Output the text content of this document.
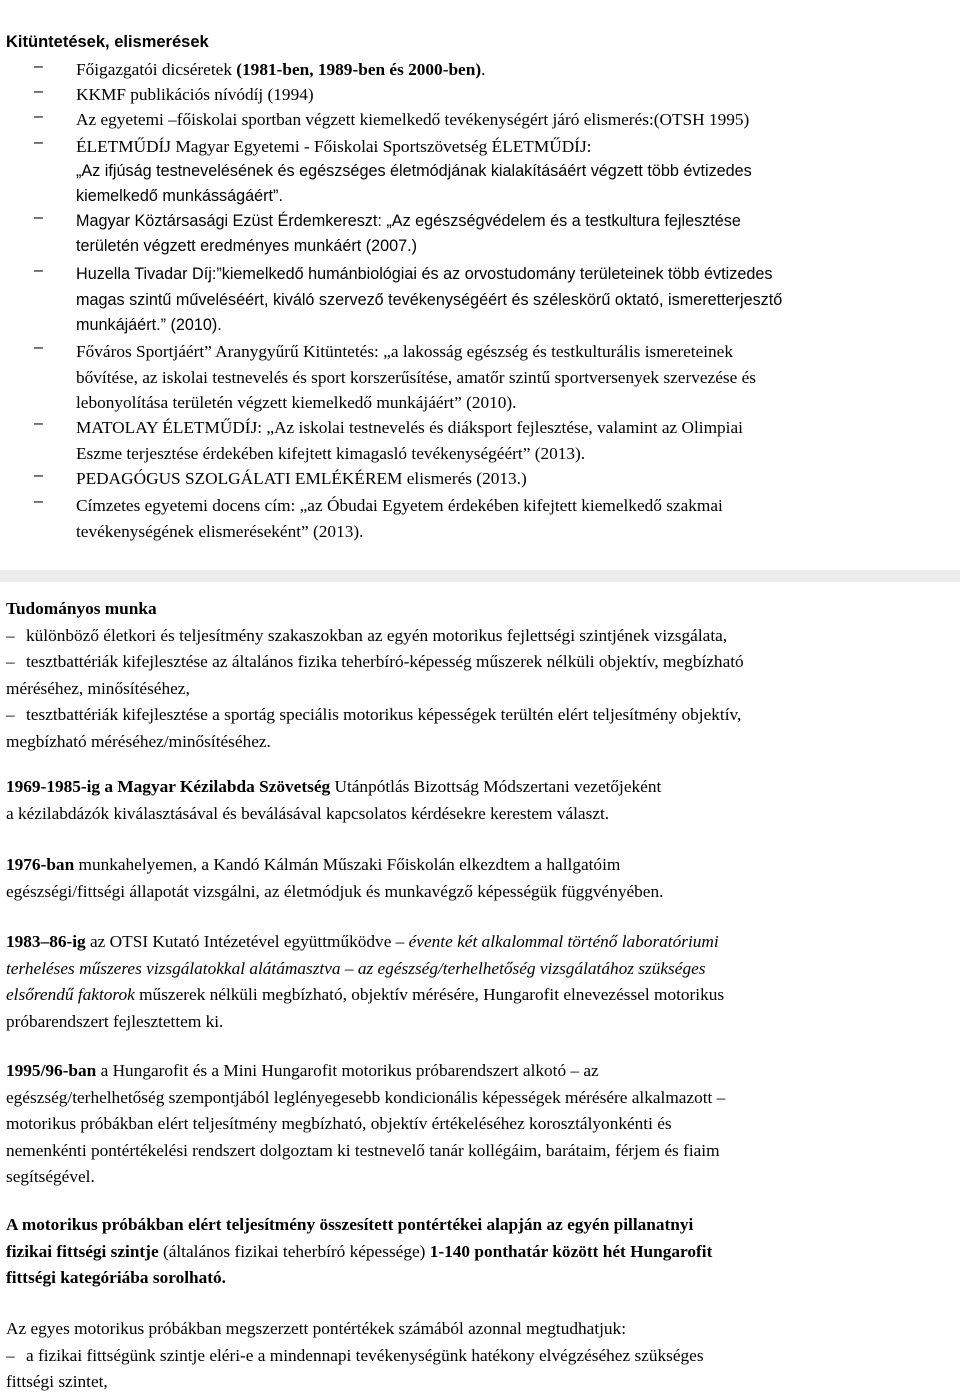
Kitüntetések, elismerések
–	Főigazgatói dicséretek (1981-ben, 1989-ben és 2000-ben).
–	KKMF publikációs nívódíj (1994)
–	Az egyetemi –főiskolai sportban végzett kiemelkedő tevékenységért járó elismerés:(OTSH 1995)
–	ÉLETMŰDÍJ Magyar Egyetemi - Főiskolai Sportszövetség ÉLETMŰDÍJ:
„Az ifjúság testnevelésének és egészséges életmódjának kialakításáért végzett több évtizedes
kiemelkedő munkásságáért”.
–	Magyar Köztársasági Ezüst Érdemkereszt: „Az egészségvédelem és a testkultura fejlesztése
területén végzett eredményes munkáért (2007.)
–	Huzella Tivadar Díj:”kiemelkedő humánbiológiai és az orvostudomány területeinek több évtizedes
magas szintű műveléséért, kiváló szervező tevékenységéért és széleskörű oktató, ismeretterjesztő
munkájáért.” (2010).
–	Főváros Sportjáért” Aranygyűrű Kitüntetés: „a lakosság egészség és testkulturális ismereteinek
bővítése, az iskolai testnevelés és sport korszerűsítése, amatőr szintű sportversenyek szervezése és
lebonyolítása területén végzett kiemelkedő munkájáért” (2010).
–	MATOLAY ÉLETMŰDÍJ: „Az iskolai testnevelés és diáksport fejlesztése, valamint az Olimpiai
Eszme terjesztése érdekében kifejtett kimagasló tevékenységéért” (2013).
–	PEDAGÓGUS SZOLGÁLATI EMLÉKÉREM elismerés (2013.)
–	Címzetes egyetemi docens cím: „az Óbudai Egyetem érdekében kifejtett kiemelkedő szakmai
tevékenységének elismeréseként” (2013).
Tudományos munka
– különböző életkori és teljesítmény szakaszokban az egyén motorikus fejlettségi szintjének vizsgálata,
– tesztbattériák kifejlesztése az általános fizika teherbíró-képesség műszerek nélküli objektív, megbízható
méréséhez, minősítéséhez,
– tesztbattériák kifejlesztése a sportág speciális motorikus képességek terültén elért teljesítmény objektív,
megbízható méréséhez/minősítéséhez.
1969-1985-ig a Magyar Kézilabda Szövetség Utánpótlás Bizottság Módszertani vezetőjeként
a kézilabdázók kiválasztásával és beválásával kapcsolatos kérdésekre kerestem választ.
1976-ban munkahelyemen, a Kandó Kálmán Műszaki Főiskolán elkezdtem a hallgatóim
egészségi/fittségi állapotát vizsgálni, az életmódjuk és munkavégző képességük függvényében.
1983–86-ig az OTSI Kutató Intézetével együttműködve – évente két alkalommal történő laboratóriumi
terheléses műszeres vizsgálatokkal alátámasztva – az egészség/terhelhetőség vizsgálatához szükséges
elsőrendű faktorok műszerek nélküli megbízható, objektív mérésére, Hungarofit elnevezéssel motorikus
próbarendszert fejlesztettem ki.
1995/96-ban a Hungarofit és a Mini Hungarofit motorikus próbarendszert alkotó – az
egészség/terhelhetőség szempontjából leglényegesebb kondicionális képességek mérésére alkalmazott –
motorikus próbákban elért teljesítmény megbízható, objektív értékeléséhez korosztályonkénti és
nemenkénti pontértékelési rendszert dolgoztam ki testnevelő tanár kollégáim, barátaim, férjem és fiaim
segítségével.
A motorikus próbákban elért teljesítmény összesített pontértékei alapján az egyén pillanatnyi
fizikai fittségi szintje (általános fizikai teherbíró képessége) 1-140 ponthatár között hét Hungarofit
fittségi kategóriába sorolható.
Az egyes motorikus próbákban megszerzett pontértékek számából azonnal megtudhatjuk:
– a fizikai fittségünk szintje eléri-e a mindennapi tevékenységünk hatékony elvégzéséhez szükséges
fittségi szintet,
